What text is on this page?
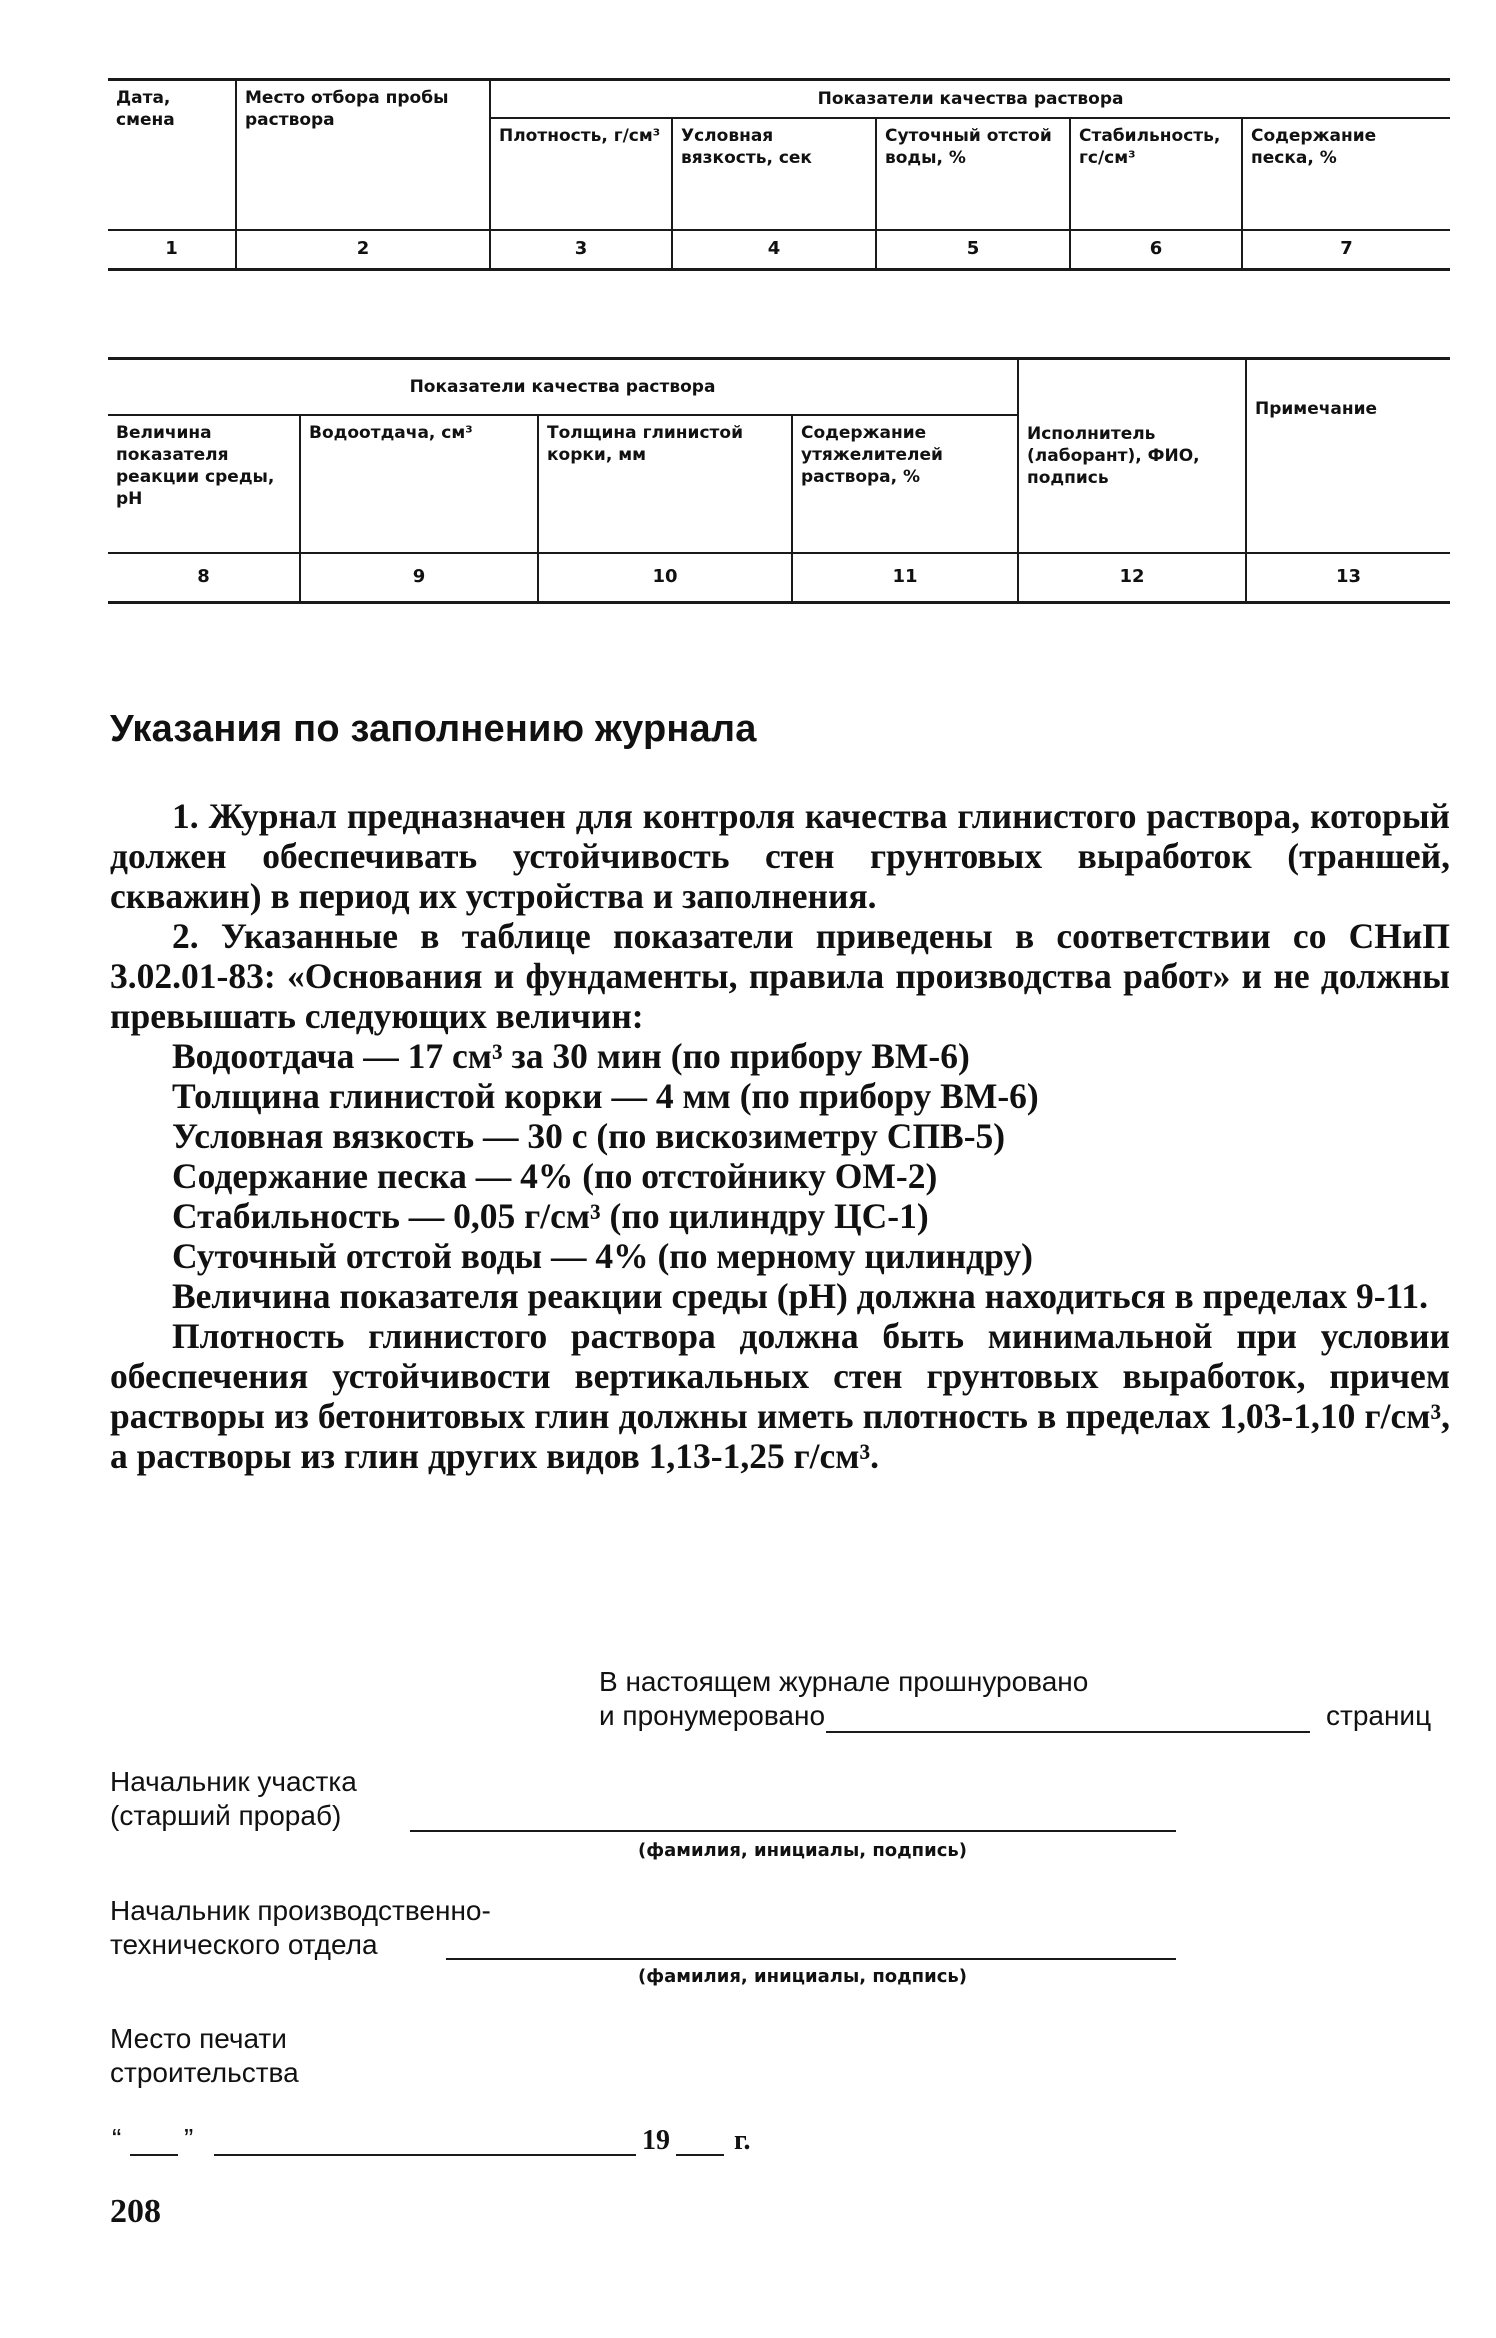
Дата, смена	Место отбора пробы раствора	Показатели качества раствора				
		Плотность, г/см³	Условная вязкость, сек	Суточный отстой воды, %	Стабильность, гс/см³	Содержание песка, %
1	2	3	4	5	6	7
Показатели качества раствора				Исполнитель (лаборант), ФИО, подпись	Примечание
Величина показателя реакции среды, pH	Водоотдача, см³	Толщина глинистой корки, мм	Содержание утяжелителей раствора, %		
8	9	10	11	12	13
Указания по заполнению журнала

1. Журнал предназначен для контроля качества глинистого раствора, который должен обеспечивать устойчивость стен грунтовых выработок (траншей, скважин) в период их устройства и заполнения.

2. Указанные в таблице показатели приведены в соответствии со СНиП 3.02.01-83: «Основания и фундаменты, правила производства работ» и не должны превышать следующих величин:

Водоотдача — 17 см³ за 30 мин (по прибору ВМ-6)

Толщина глинистой корки — 4 мм (по прибору ВМ-6)

Условная вязкость — 30 с (по вискозиметру СПВ-5)

Содержание песка — 4% (по отстойнику ОМ-2)

Стабильность — 0,05 г/см³ (по цилиндру ЦС-1)

Суточный отстой воды — 4% (по мерному цилиндру)

Величина показателя реакции среды (pH) должна находиться в пределах 9-11.

Плотность глинистого раствора должна быть минимальной при условии обеспечения устойчивости вертикальных стен грунтовых выработок, причем растворы из бетонитовых глин должны иметь плотность в пределах 1,03-1,10 г/см³, а растворы из глин других видов 1,13-1,25 г/см³.

В настоящем журнале прошнуровано
и пронумеровано	страниц
Начальник участка
(старший прораб)
(фамилия, инициалы, подпись)
Начальник производственно-
технического отдела
(фамилия, инициалы, подпись)
Место печати
строительства
“ ”	19 г.
208
